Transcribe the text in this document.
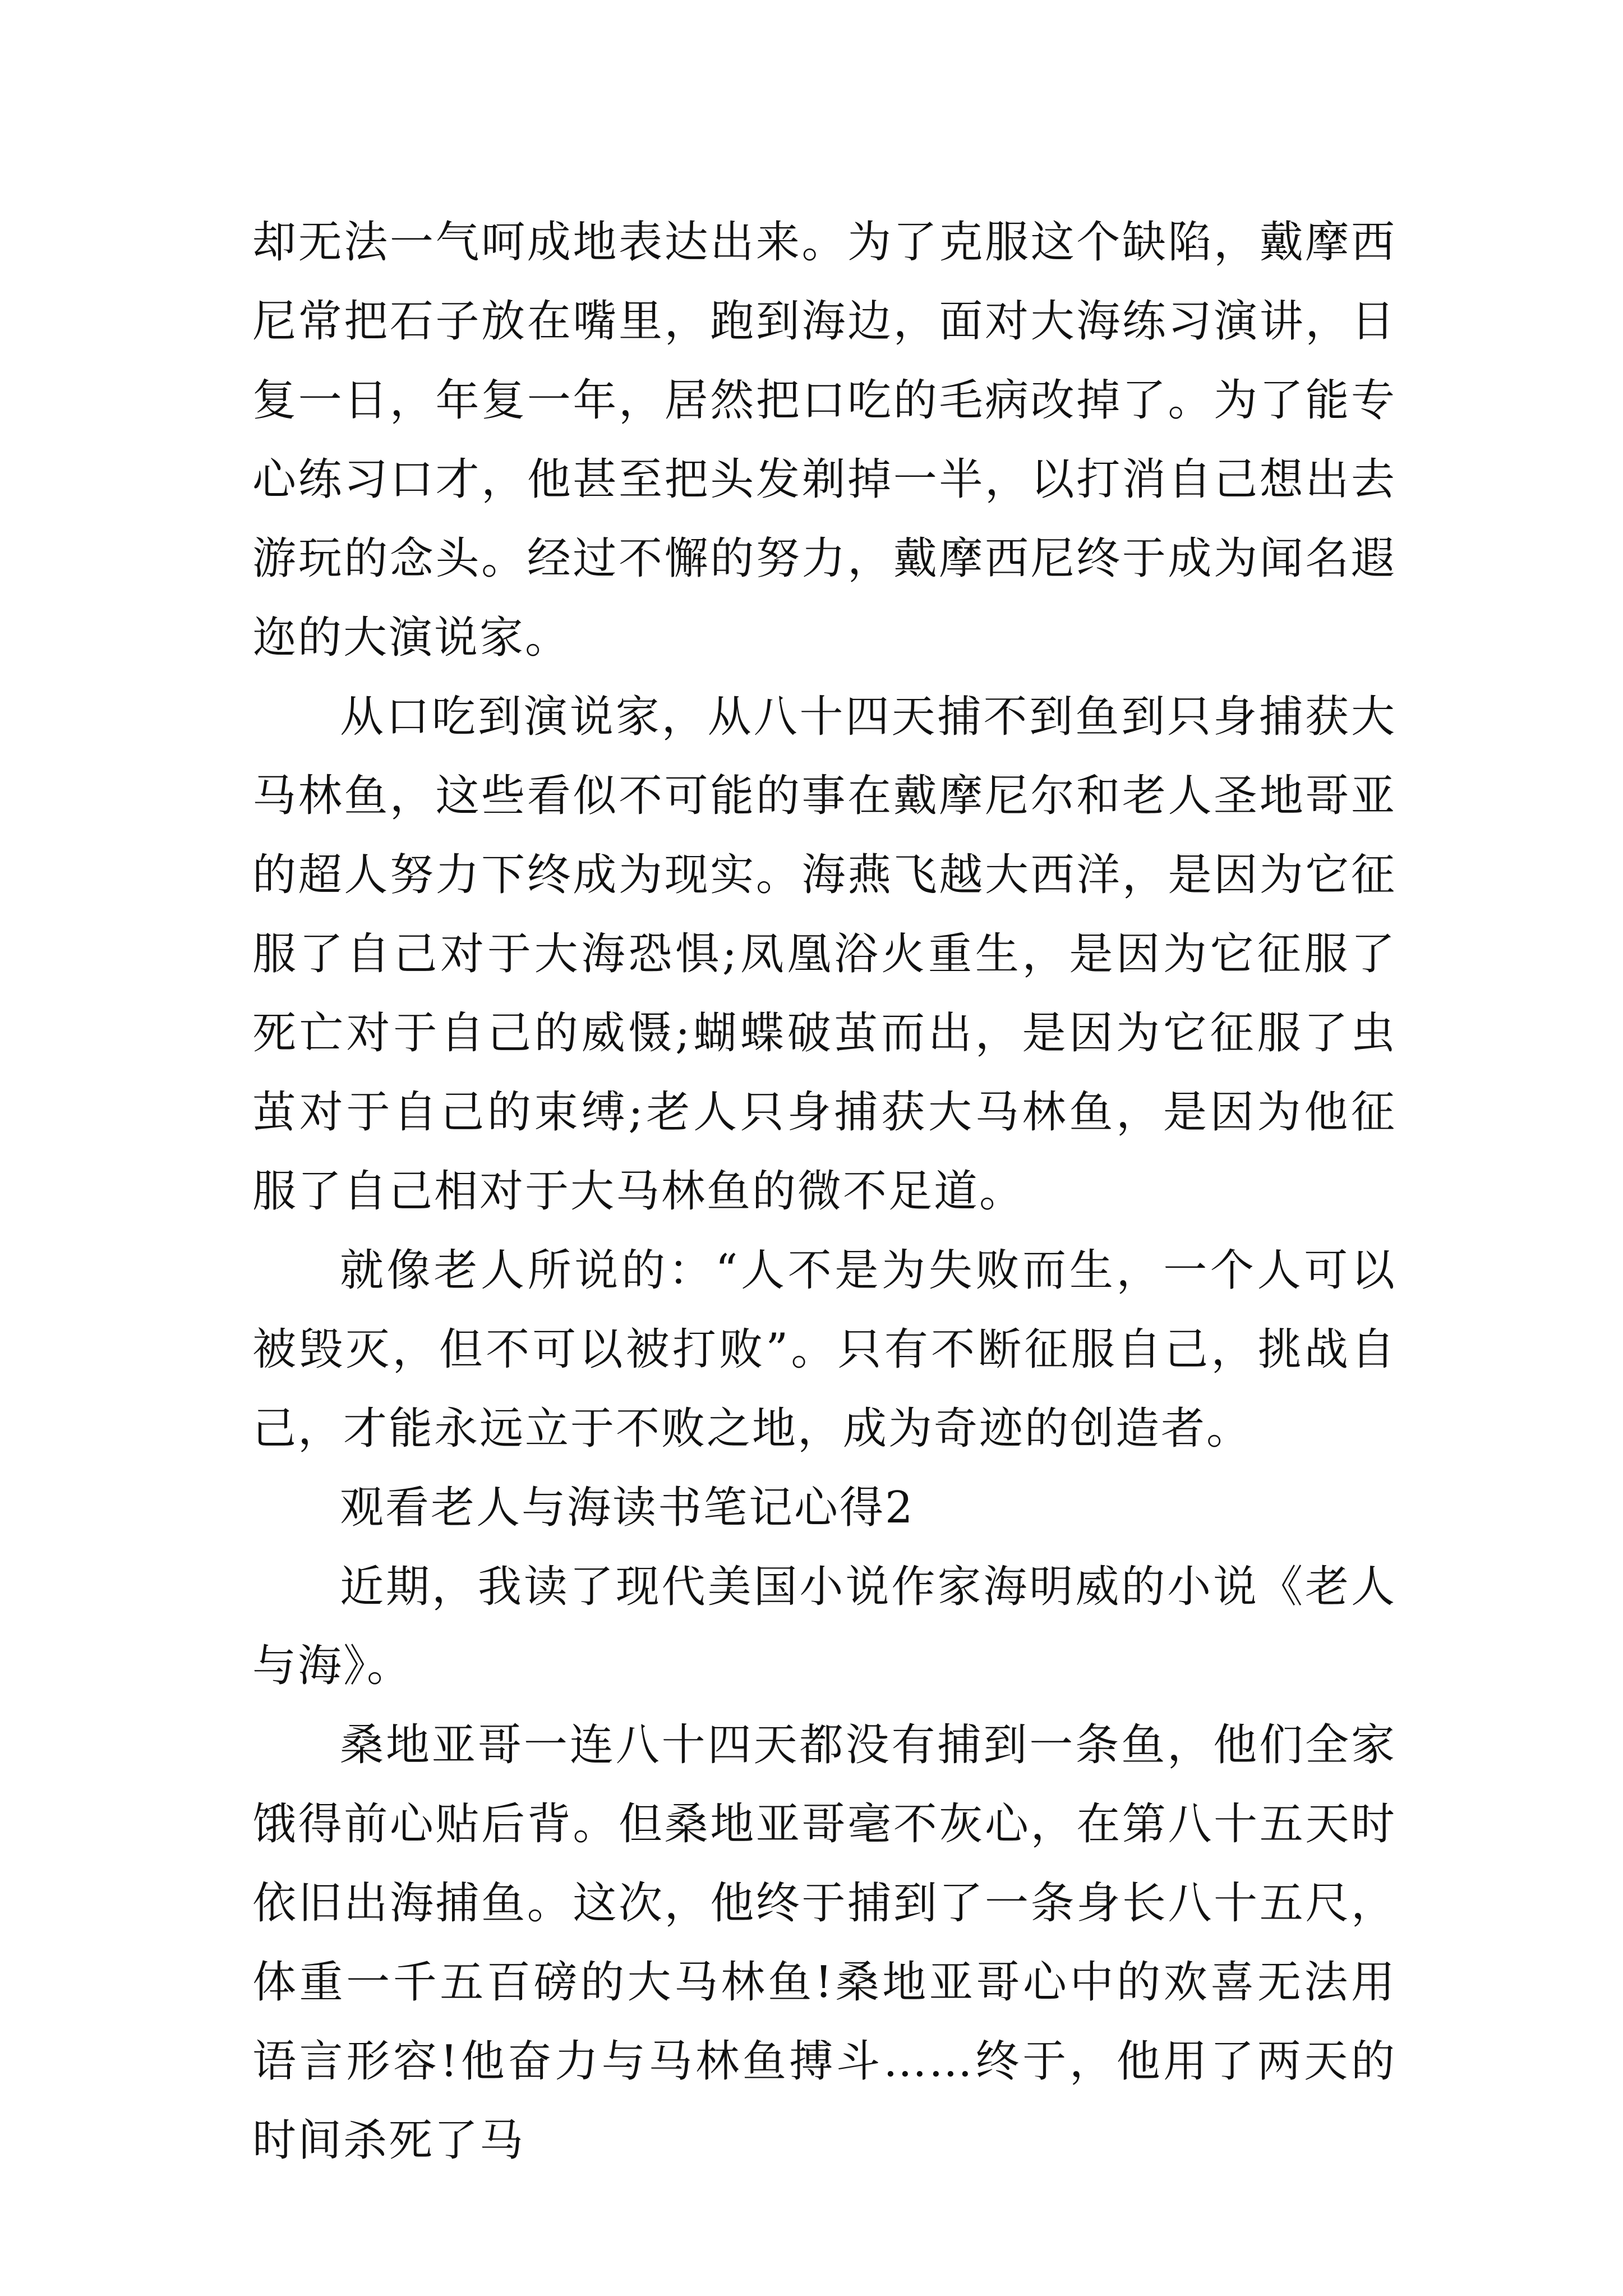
却无法一气呵成地表达出来。为了克服这个缺陷，戴摩西尼常把石子放在嘴里，跑到海边，面对大海练习演讲，日复一日，年复一年，居然把口吃的毛病改掉了。为了能专心练习口才，他甚至把头发剃掉一半，以打消自己想出去游玩的念头。经过不懈的努力，戴摩西尼终于成为闻名遐迩的大演说家。

从口吃到演说家，从八十四天捕不到鱼到只身捕获大马林鱼，这些看似不可能的事在戴摩尼尔和老人圣地哥亚的超人努力下终成为现实。海燕飞越大西洋，是因为它征服了自己对于大海恐惧;凤凰浴火重生，是因为它征服了死亡对于自己的威慑;蝴蝶破茧而出，是因为它征服了虫茧对于自己的束缚;老人只身捕获大马林鱼，是因为他征服了自己相对于大马林鱼的微不足道。

就像老人所说的：“人不是为失败而生，一个人可以被毁灭，但不可以被打败”。只有不断征服自己，挑战自己，才能永远立于不败之地，成为奇迹的创造者。

观看老人与海读书笔记心得2

近期，我读了现代美国小说作家海明威的小说《老人与海》。

桑地亚哥一连八十四天都没有捕到一条鱼，他们全家饿得前心贴后背。但桑地亚哥毫不灰心，在第八十五天时依旧出海捕鱼。这次，他终于捕到了一条身长八十五尺，体重一千五百磅的大马林鱼!桑地亚哥心中的欢喜无法用语言形容!他奋力与马林鱼搏斗……终于，他用了两天的时间杀死了马
